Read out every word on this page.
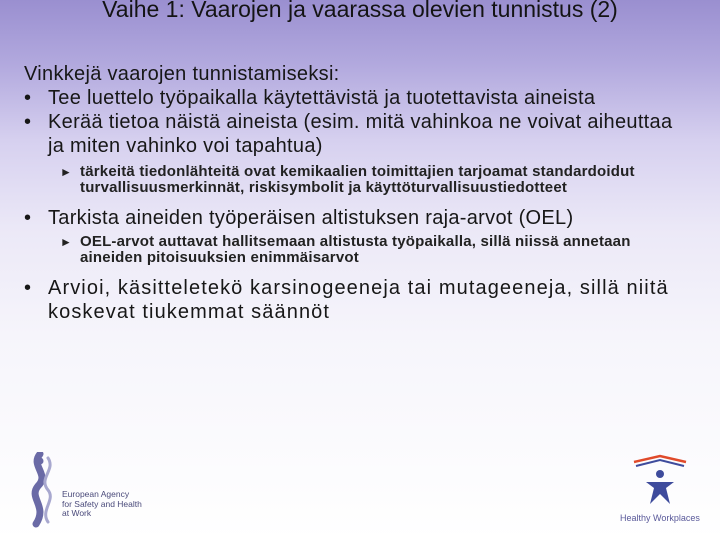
Vaihe 1: Vaarojen ja vaarassa olevien tunnistus (2)
Vinkkejä vaarojen tunnistamiseksi:
• Tee luettelo työpaikalla käytettävistä ja tuotettavista aineista
• Kerää tietoa näistä aineista (esim. mitä vahinkoa ne voivat aiheuttaa ja miten vahinko voi tapahtua)
► tärkeitä tiedonlähteitä ovat kemikaalien toimittajien tarjoamat standardoidut turvallisuusmerkinnät, riskisymbolit ja käyttöturvallisuustiedotteet
• Tarkista aineiden työperäisen altistuksen raja-arvot (OEL)
► OEL-arvot auttavat hallitsemaan altistusta työpaikalla, sillä niissä annetaan aineiden pitoisuuksien enimmäisarvot
• Arvioi, käsitteletekö karsinogeeneja tai mutageeneja, sillä niitä koskevat tiukemmat säännöt
European Agency
for Safety and Health
at Work	Healthy Workplaces
